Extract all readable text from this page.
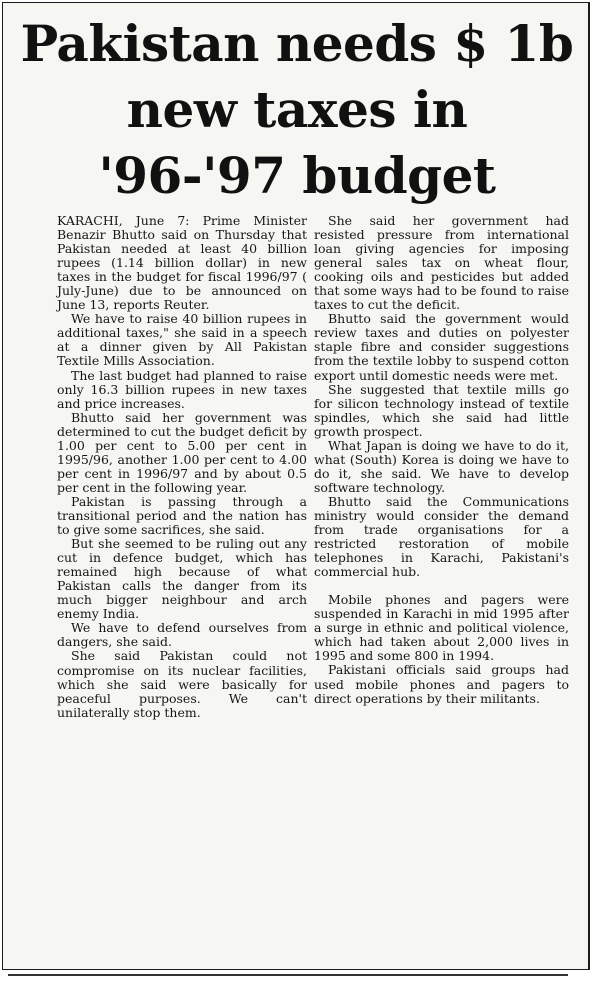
Pakistan needs $ 1b
new taxes in
'96-'97 budget

KARACHI, June 7: Prime Minister Benazir Bhutto said on Thursday that Pakistan needed at least 40 billion rupees (1.14 billion dollar) in new taxes in the budget for fiscal 1996/97 ( July-June) due to be announced on June 13, reports Reuter.

We have to raise 40 billion rupees in additional taxes," she said in a speech at a dinner given by All Pakistan Textile Mills Association.

The last budget had planned to raise only 16.3 billion rupees in new taxes and price increases.

Bhutto said her government was determined to cut the budget deficit by 1.00 per cent to 5.00 per cent in 1995/96, another 1.00 per cent to 4.00 per cent in 1996/97 and by about 0.5 per cent in the following year.

Pakistan is passing through a transitional period and the nation has to give some sacrifices, she said.

But she seemed to be ruling out any cut in defence budget, which has remained high because of what Pakistan calls the danger from its much bigger neighbour and arch enemy India.

We have to defend ourselves from dangers, she said.

She said Pakistan could not compromise on its nuclear facilities, which she said were basically for peaceful purposes. We can't unilaterally stop them.

She said her government had resisted pressure from international loan giving agencies for imposing general sales tax on wheat flour, cooking oils and pesticides but added that some ways had to be found to raise taxes to cut the deficit.

Bhutto said the government would review taxes and duties on polyester staple fibre and consider suggestions from the textile lobby to suspend cotton export until domestic needs were met.

She suggested that textile mills go for silicon technology instead of textile spindles, which she said had little growth prospect.

What Japan is doing we have to do it, what (South) Korea is doing we have to do it, she said. We have to develop software technology.

Bhutto said the Communications ministry would consider the demand from trade organisations for a restricted restoration of mobile telephones in Karachi, Pakistani's commercial hub.

Mobile phones and pagers were suspended in Karachi in mid 1995 after a surge in ethnic and political violence, which had taken about 2,000 lives in 1995 and some 800 in 1994.

Pakistani officials said groups had used mobile phones and pagers to direct operations by their militants.
